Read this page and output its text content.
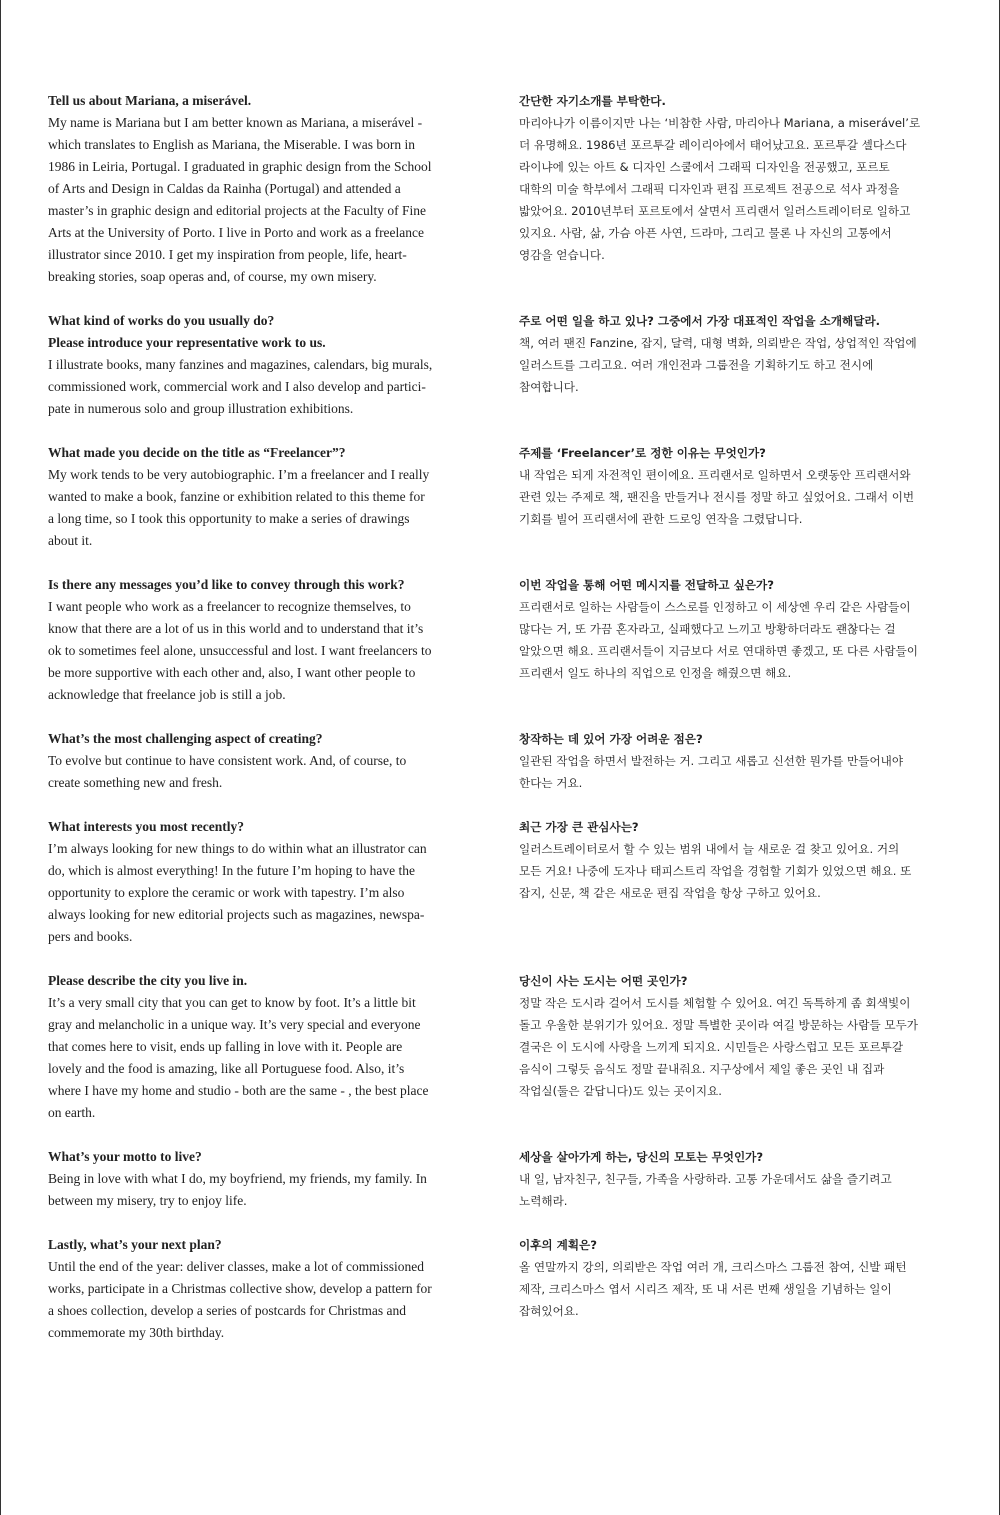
Tell us about Mariana, a miserável.

My name is Mariana but I am better known as Mariana, a miserável -
which translates to English as Mariana, the Miserable. I was born in
1986 in Leiria, Portugal. I graduated in graphic design from the School
of Arts and Design in Caldas da Rainha (Portugal) and attended a
master’s in graphic design and editorial projects at the Faculty of Fine
Arts at the University of Porto. I live in Porto and work as a freelance
illustrator since 2010. I get my inspiration from people, life, heart-
breaking stories, soap operas and, of course, my own misery.

What kind of works do you usually do?
Please introduce your representative work to us.

I illustrate books, many fanzines and magazines, calendars, big murals,
commissioned work, commercial work and I also develop and partici-
pate in numerous solo and group illustration exhibitions.

What made you decide on the title as “Freelancer”?

My work tends to be very autobiographic. I’m a freelancer and I really
wanted to make a book, fanzine or exhibition related to this theme for
a long time, so I took this opportunity to make a series of drawings
about it.

Is there any messages you’d like to convey through this work?

I want people who work as a freelancer to recognize themselves, to
know that there are a lot of us in this world and to understand that it’s
ok to sometimes feel alone, unsuccessful and lost. I want freelancers to
be more supportive with each other and, also, I want other people to
acknowledge that freelance job is still a job.

What’s the most challenging aspect of creating?

To evolve but continue to have consistent work. And, of course, to
create something new and fresh.

What interests you most recently?

I’m always looking for new things to do within what an illustrator can
do, which is almost everything! In the future I’m hoping to have the
opportunity to explore the ceramic or work with tapestry. I’m also
always looking for new editorial projects such as magazines, newspa-
pers and books.

Please describe the city you live in.

It’s a very small city that you can get to know by foot. It’s a little bit
gray and melancholic in a unique way. It’s very special and everyone
that comes here to visit, ends up falling in love with it. People are
lovely and the food is amazing, like all Portuguese food. Also, it’s
where I have my home and studio - both are the same - , the best place
on earth.

What’s your motto to live?

Being in love with what I do, my boyfriend, my friends, my family. In
between my misery, try to enjoy life.

Lastly, what’s your next plan?

Until the end of the year: deliver classes, make a lot of commissioned
works, participate in a Christmas collective show, develop a pattern for
a shoes collection, develop a series of postcards for Christmas and
commemorate my 30th birthday.

간단한 자기소개를 부탁한다.

마리아나가 이름이지만 나는 ‘비참한 사람, 마리아나 Mariana, a miserável’로
더 유명해요. 1986년 포르투갈 레이리아에서 태어났고요. 포르투갈 셀다스다
라이냐에 있는 아트 & 디자인 스쿨에서 그래픽 디자인을 전공했고, 포르토
대학의 미술 학부에서 그래픽 디자인과 편집 프로젝트 전공으로 석사 과정을
밟았어요. 2010년부터 포르토에서 살면서 프리랜서 일러스트레이터로 일하고
있지요. 사람, 삶, 가슴 아픈 사연, 드라마, 그리고 물론 나 자신의 고통에서
영감을 얻습니다.

주로 어떤 일을 하고 있나? 그중에서 가장 대표적인 작업을 소개해달라.

책, 여러 팬진 Fanzine, 잡지, 달력, 대형 벽화, 의뢰받은 작업, 상업적인 작업에
일러스트를 그리고요. 여러 개인전과 그룹전을 기획하기도 하고 전시에
참여합니다.

주제를 ‘Freelancer’로 정한 이유는 무엇인가?

내 작업은 되게 자전적인 편이에요. 프리랜서로 일하면서 오랫동안 프리랜서와
관련 있는 주제로 책, 팬진을 만들거나 전시를 정말 하고 싶었어요. 그래서 이번
기회를 빌어 프리랜서에 관한 드로잉 연작을 그렸답니다.

이번 작업을 통해 어떤 메시지를 전달하고 싶은가?

프리랜서로 일하는 사람들이 스스로를 인정하고 이 세상엔 우리 같은 사람들이
많다는 거, 또 가끔 혼자라고, 실패했다고 느끼고 방황하더라도 괜찮다는 걸
알았으면 해요. 프리랜서들이 지금보다 서로 연대하면 좋겠고, 또 다른 사람들이
프리랜서 일도 하나의 직업으로 인정을 해줬으면 해요.

창작하는 데 있어 가장 어려운 점은?

일관된 작업을 하면서 발전하는 거. 그리고 새롭고 신선한 뭔가를 만들어내야
한다는 거요.

최근 가장 큰 관심사는?

일러스트레이터로서 할 수 있는 범위 내에서 늘 새로운 걸 찾고 있어요. 거의
모든 거요! 나중에 도자나 태피스트리 작업을 경험할 기회가 있었으면 해요. 또
잡지, 신문, 책 같은 새로운 편집 작업을 항상 구하고 있어요.

당신이 사는 도시는 어떤 곳인가?

정말 작은 도시라 걸어서 도시를 체험할 수 있어요. 여긴 독특하게 좀 회색빛이
돌고 우울한 분위기가 있어요. 정말 특별한 곳이라 여길 방문하는 사람들 모두가
결국은 이 도시에 사랑을 느끼게 되지요. 시민들은 사랑스럽고 모든 포르투갈
음식이 그렇듯 음식도 정말 끝내줘요. 지구상에서 제일 좋은 곳인 내 집과
작업실(둘은 같답니다)도 있는 곳이지요.

세상을 살아가게 하는, 당신의 모토는 무엇인가?

내 일, 남자친구, 친구들, 가족을 사랑하라. 고통 가운데서도 삶을 즐기려고
노력해라.

이후의 계획은?

올 연말까지 강의, 의뢰받은 작업 여러 개, 크리스마스 그룹전 참여, 신발 패턴
제작, 크리스마스 엽서 시리즈 제작, 또 내 서른 번째 생일을 기념하는 일이
잡혀있어요.
